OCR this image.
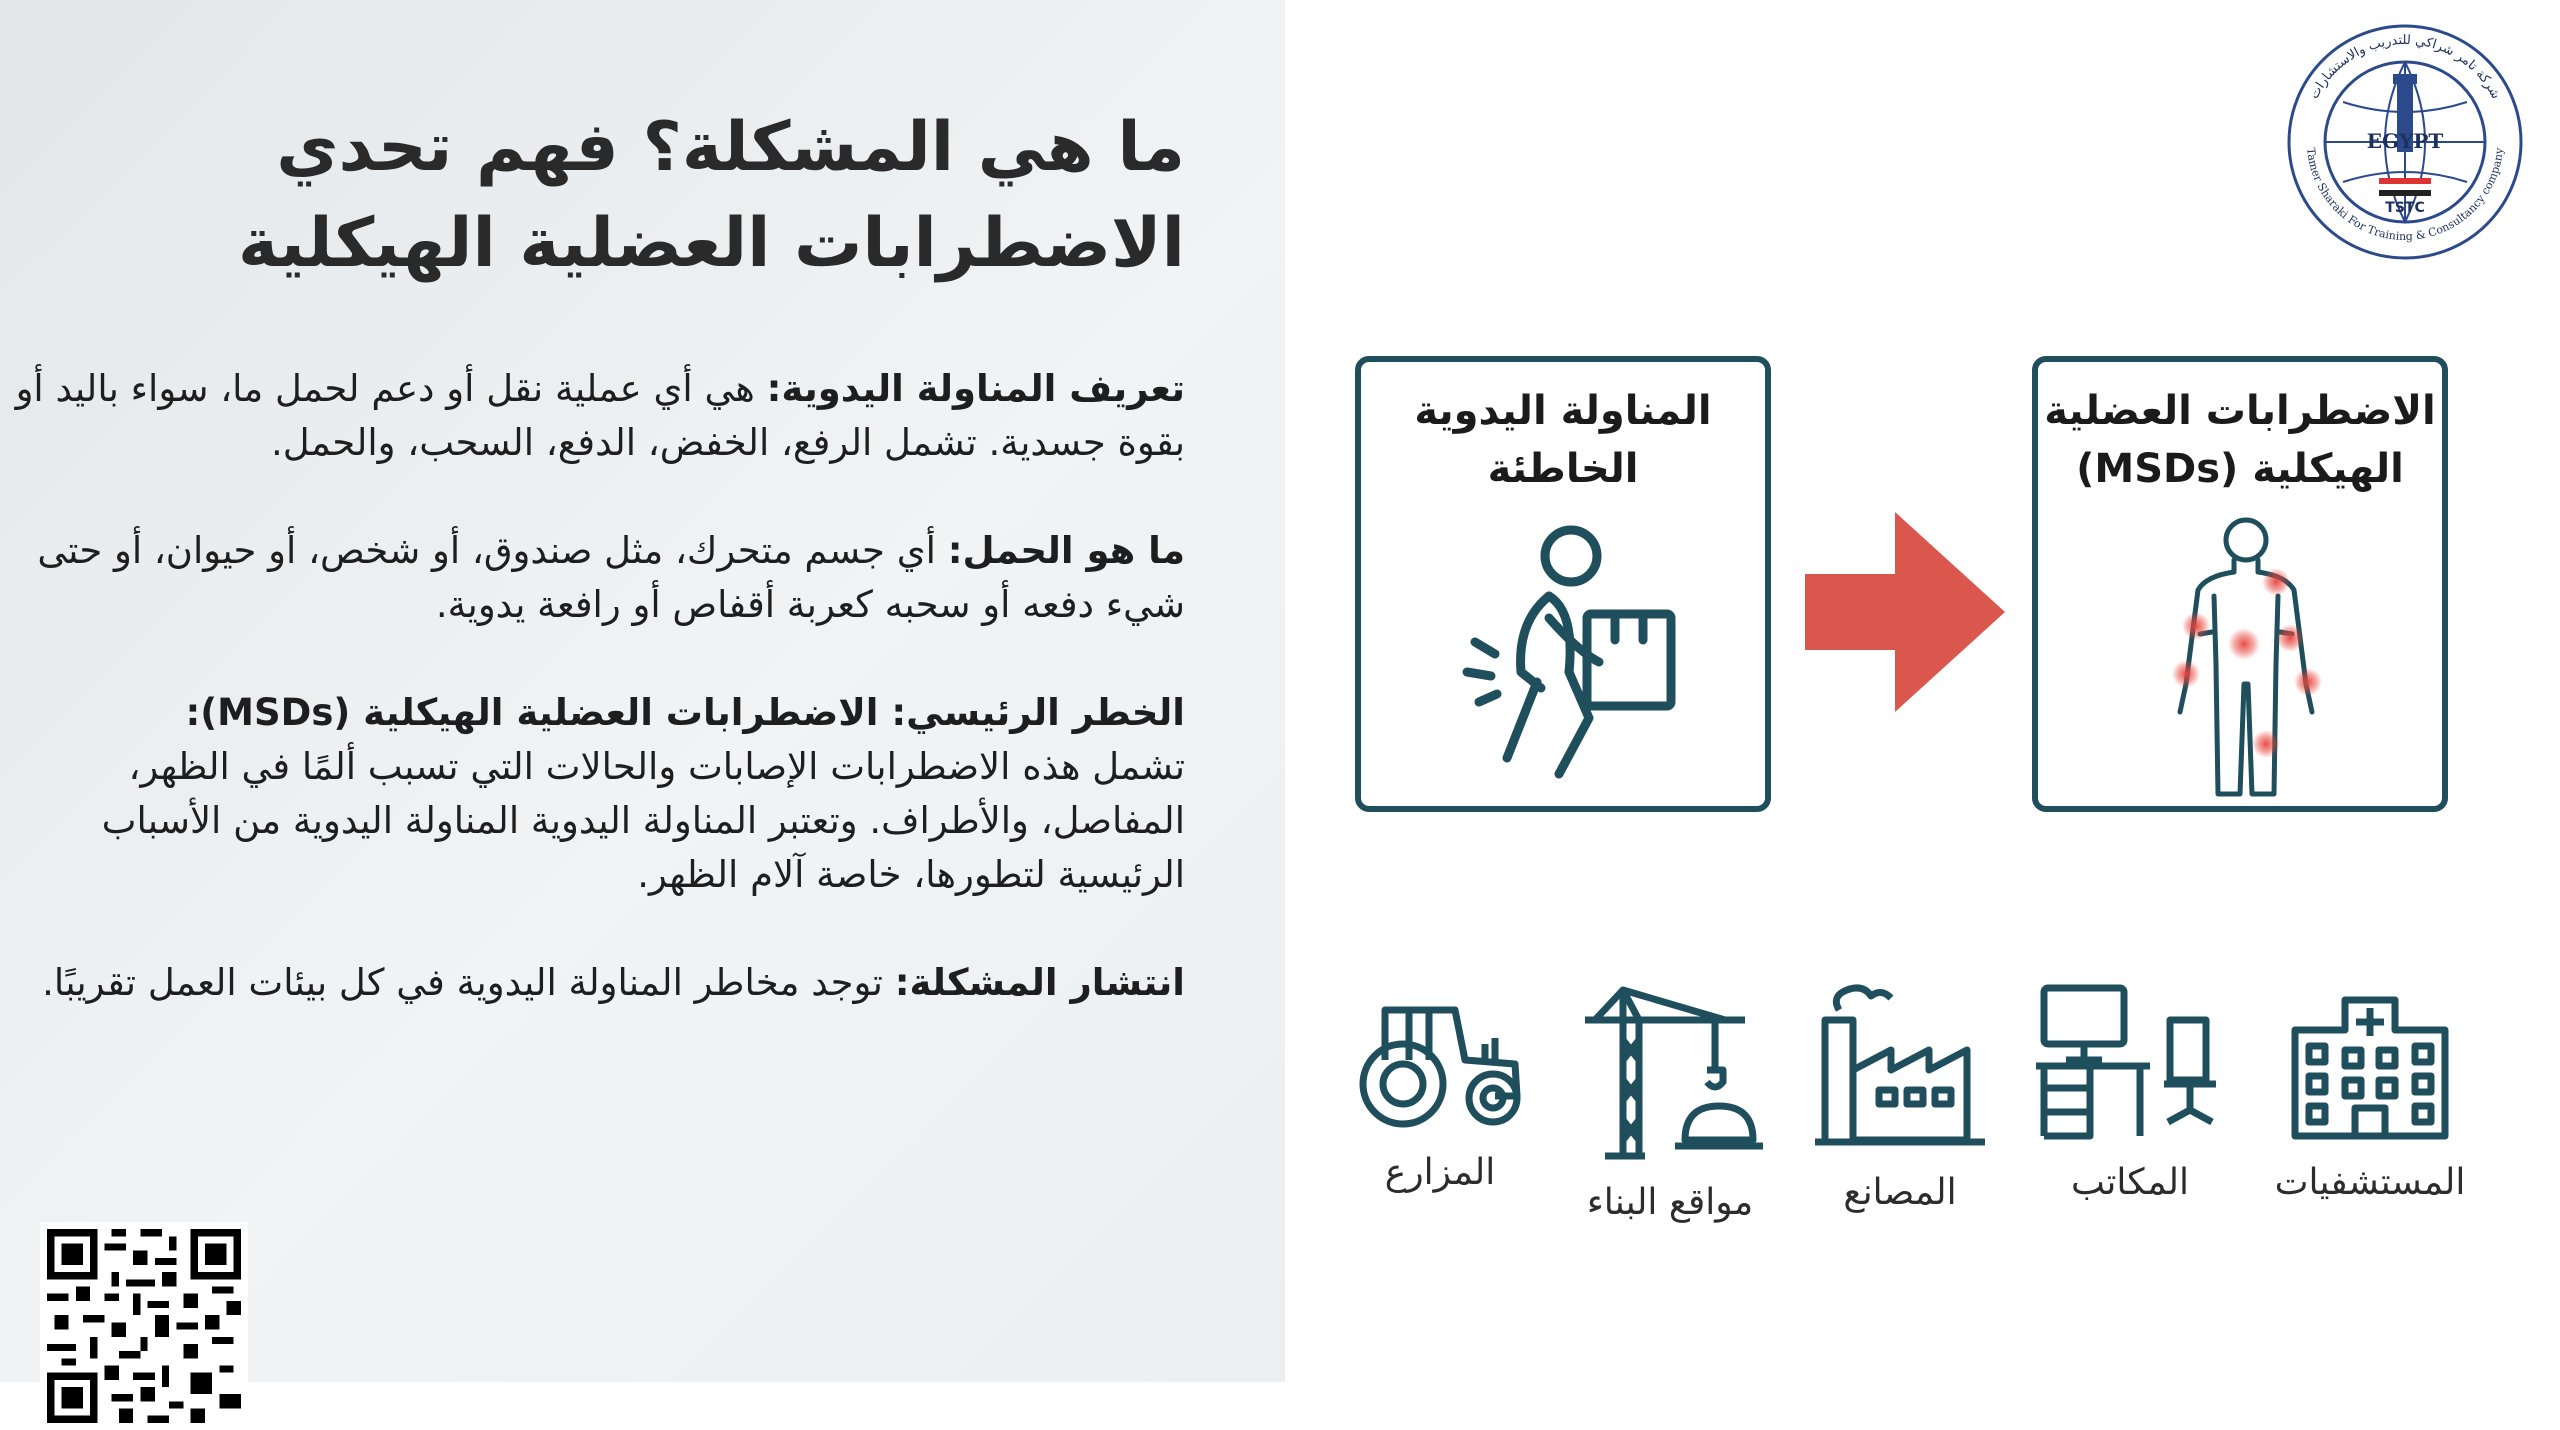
ما هي المشكلة؟ فهم تحدي
الاضطرابات العضلية الهيكلية

تعريف المناولة اليدوية: هي أي عملية نقل أو دعم لحمل ما، سواء باليد أو بقوة جسدية. تشمل الرفع، الخفض، الدفع، السحب، والحمل.

ما هو الحمل: أي جسم متحرك، مثل صندوق، أو شخص، أو حيوان، أو حتى شيء دفعه أو سحبه كعربة أقفاص أو رافعة يدوية.

الخطر الرئيسي: الاضطرابات العضلية الهيكلية (MSDs):
تشمل هذه الاضطرابات الإصابات والحالات التي تسبب ألمًا في الظهر، المفاصل، والأطراف. وتعتبر المناولة اليدوية المناولة اليدوية من الأسباب الرئيسية لتطورها، خاصة آلام الظهر.

انتشار المشكلة: توجد مخاطر المناولة اليدوية في كل بيئات العمل تقريبًا.

EGYPT
TSTC
شركة تامر شراكي للتدريب والاستشارات
Tamer Sharaki For Training & Consultancy company
المناولة اليدوية
الخاطئة
الاضطرابات العضلية
الهيكلية (MSDs)
المزارع
مواقع البناء	المصانع	المكاتب	المستشفيات
